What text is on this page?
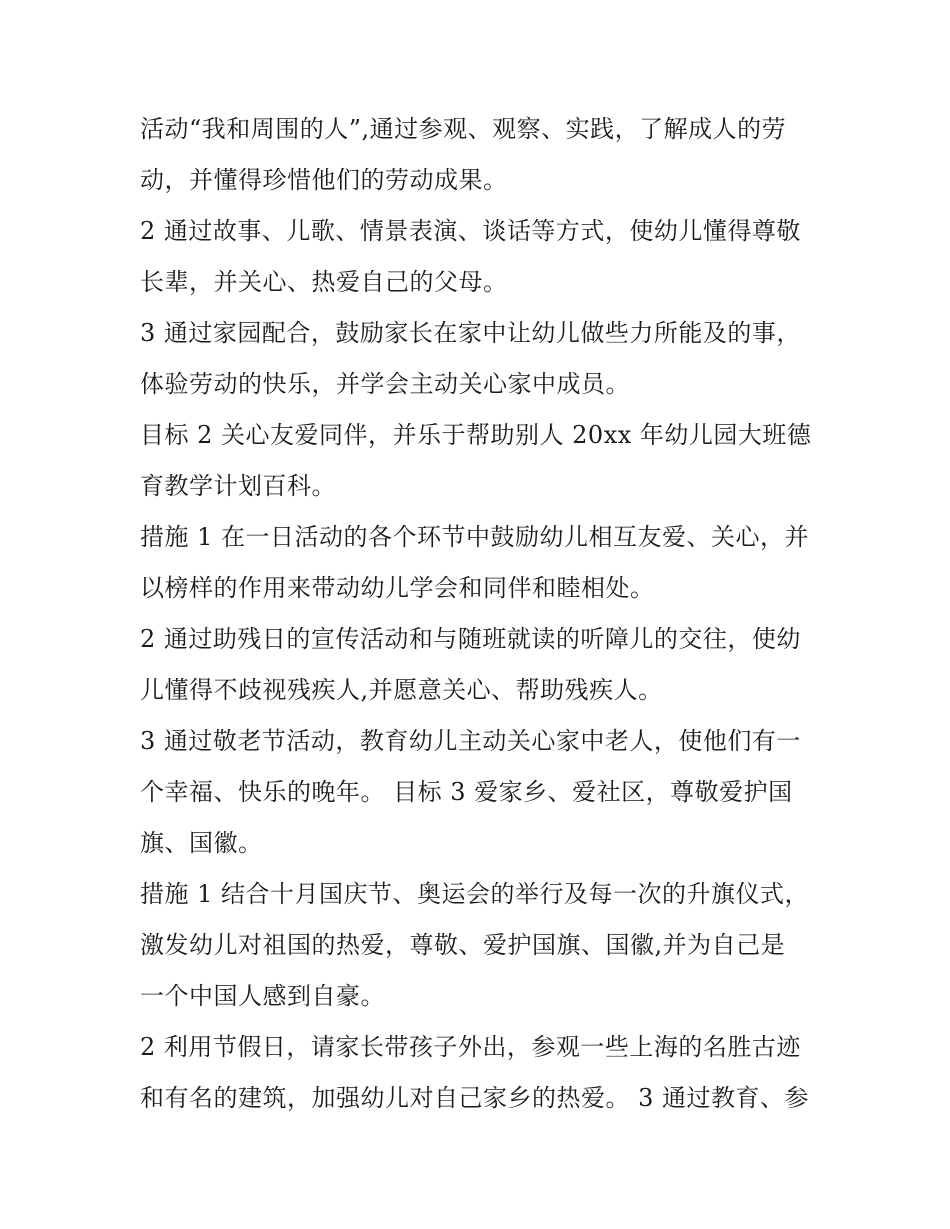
活动“我和周围的人”,通过参观、观察、实践，了解成人的劳
动，并懂得珍惜他们的劳动成果。
2 通过故事、儿歌、情景表演、谈话等方式，使幼儿懂得尊敬
长辈，并关心、热爱自己的父母。
3 通过家园配合，鼓励家长在家中让幼儿做些力所能及的事，
体验劳动的快乐，并学会主动关心家中成员。
目标 2 关心友爱同伴，并乐于帮助别人 20xx 年幼儿园大班德
育教学计划百科。
措施 1 在一日活动的各个环节中鼓励幼儿相互友爱、关心，并
以榜样的作用来带动幼儿学会和同伴和睦相处。
2 通过助残日的宣传活动和与随班就读的听障儿的交往，使幼
儿懂得不歧视残疾人,并愿意关心、帮助残疾人。
3 通过敬老节活动，教育幼儿主动关心家中老人，使他们有一
个幸福、快乐的晚年。 目标 3 爱家乡、爱社区，尊敬爱护国
旗、国徽。
措施 1 结合十月国庆节、奥运会的举行及每一次的升旗仪式，
激发幼儿对祖国的热爱，尊敬、爱护国旗、国徽,并为自己是
一个中国人感到自豪。
2 利用节假日，请家长带孩子外出，参观一些上海的名胜古迹
和有名的建筑，加强幼儿对自己家乡的热爱。 3 通过教育、参
